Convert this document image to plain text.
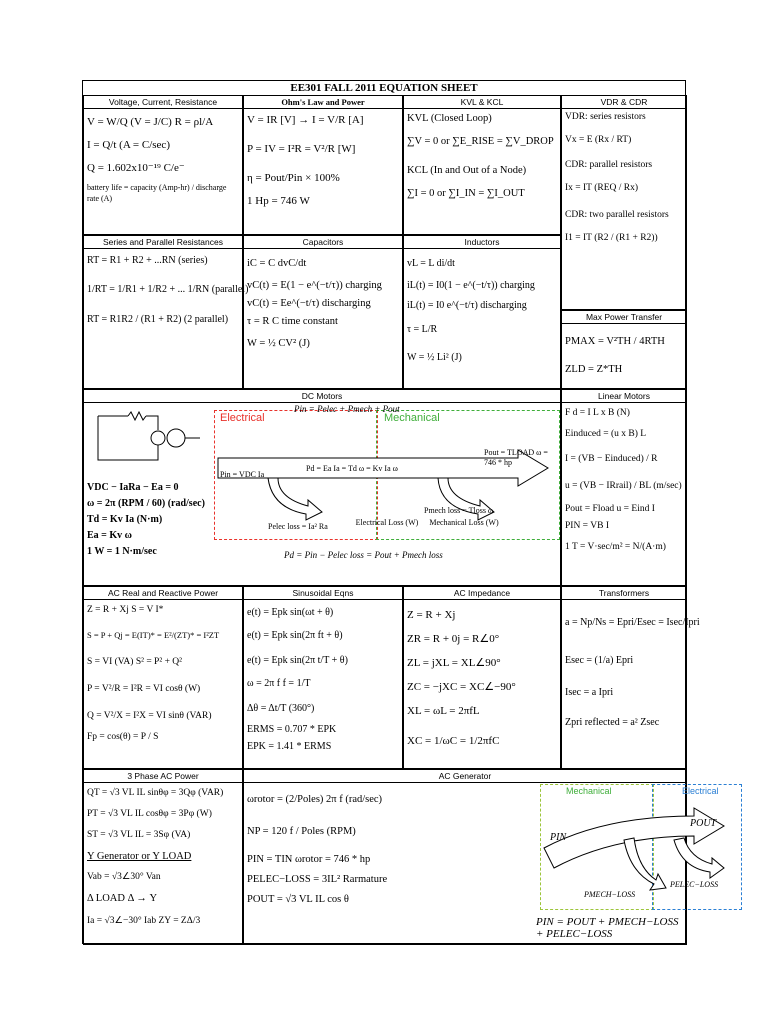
EE301 FALL 2011 EQUATION SHEET
Voltage, Current, Resistance
V = W/Q (V = J/C) R = ρl/A
I = Q/t (A = C/sec)
Q = 1.602x10⁻¹⁹ C/e⁻
battery life = capacity (Amp-hr) / discharge rate (A)
Ohm's Law and Power
V = IR [V] → I = V/R [A]
P = IV = I²R = V²/R [W]
η = Pout/Pin × 100%
1 Hp = 746 W
KVL & KCL
KVL (Closed Loop)
∑V = 0 or ∑E_RISE = ∑V_DROP
KCL (In and Out of a Node)
∑I = 0 or ∑I_IN = ∑I_OUT
VDR & CDR
VDR: series resistors
Vx = E (Rx / RT)
CDR: parallel resistors
Ix = IT (REQ / Rx)
CDR: two parallel resistors
I1 = IT (R2 / (R1 + R2))
Series and Parallel Resistances
RT = R1 + R2 + ...RN (series)
1/RT = 1/R1 + 1/R2 + ... 1/RN (parallel)
RT = R1R2 / (R1 + R2) (2 parallel)
Capacitors
iC = C dvC/dt
vC(t) = E(1 − e^(−t/τ)) charging
vC(t) = Ee^(−t/τ) discharging
τ = R C time constant
W = ½ CV² (J)
Inductors
vL = L di/dt
iL(t) = I0(1 − e^(−t/τ)) charging
iL(t) = I0 e^(−t/τ) discharging
τ = L/R
W = ½ Li² (J)
Max Power Transfer
PMAX = V²TH / 4RTH
ZLD = Z*TH
DC Motors
Electrical	Mechanical
Pin = Pelec + Pmech + Pout
Pin = VDC Ia
Pd = Ea Ia = Td ω = Kv Ia ω
Pout = TLOAD ω = 746 * hp
Pelec loss = Ia² Ra	Electrical Loss (W)
Pmech loss = Tloss ω
Mechanical Loss (W)
Pd = Pin − Pelec loss = Pout + Pmech loss
VDC − IaRa − Ea = 0
ω = 2π (RPM / 60) (rad/sec)
Td = Kv Ia (N·m)
Ea = Kv ω
1 W = 1 N·m/sec
Linear Motors
F d = I L x B (N)
Einduced = (u x B) L
I = (VB − Einduced) / R
u = (VB − IRrail) / BL (m/sec)
Pout = Fload u = Eind I
PIN = VB I
1 T = V·sec/m² = N/(A·m)
AC Real and Reactive Power
Z = R + Xj S = V I*
S = P + Qj = E(IT)* = E²/(ZT)* = I²ZT
S = VI (VA) S² = P² + Q²
P = V²/R = I²R = VI cosθ (W)
Q = V²/X = I²X = VI sinθ (VAR)
Fp = cos(θ) = P / S
Sinusoidal Eqns
e(t) = Epk sin(ωt + θ)
e(t) = Epk sin(2π ft + θ)
e(t) = Epk sin(2π t/T + θ)
ω = 2π f f = 1/T
Δθ = Δt/T (360°)
ERMS = 0.707 * EPK
EPK = 1.41 * ERMS
AC Impedance
Z = R + Xj
ZR = R + 0j = R∠0°
ZL = jXL = XL∠90°
ZC = −jXC = XC∠−90°
XL = ωL = 2πfL
XC = 1/ωC = 1/2πfC
Transformers
a = Np/Ns = Epri/Esec = Isec/Ipri
Esec = (1/a) Epri
Isec = a Ipri
Zpri reflected = a² Zsec
3 Phase AC Power
QT = √3 VL IL sinθφ = 3Qφ (VAR)
PT = √3 VL IL cosθφ = 3Pφ (W)
ST = √3 VL IL = 3Sφ (VA)
Y Generator or Y LOAD
Vab = √3∠30° Van
Δ LOAD Δ → Y
Ia = √3∠−30° Iab ZY = ZΔ/3
AC Generator
ωrotor = (2/Poles) 2π f (rad/sec)
NP = 120 f / Poles (RPM)
PIN = TIN ωrotor = 746 * hp
PELEC−LOSS = 3IL² Rarmature
POUT = √3 VL IL cos θ
Mechanical	Electrical
PIN
POUT
PMECH−LOSS
PELEC−LOSS
PIN = POUT + PMECH−LOSS + PELEC−LOSS
